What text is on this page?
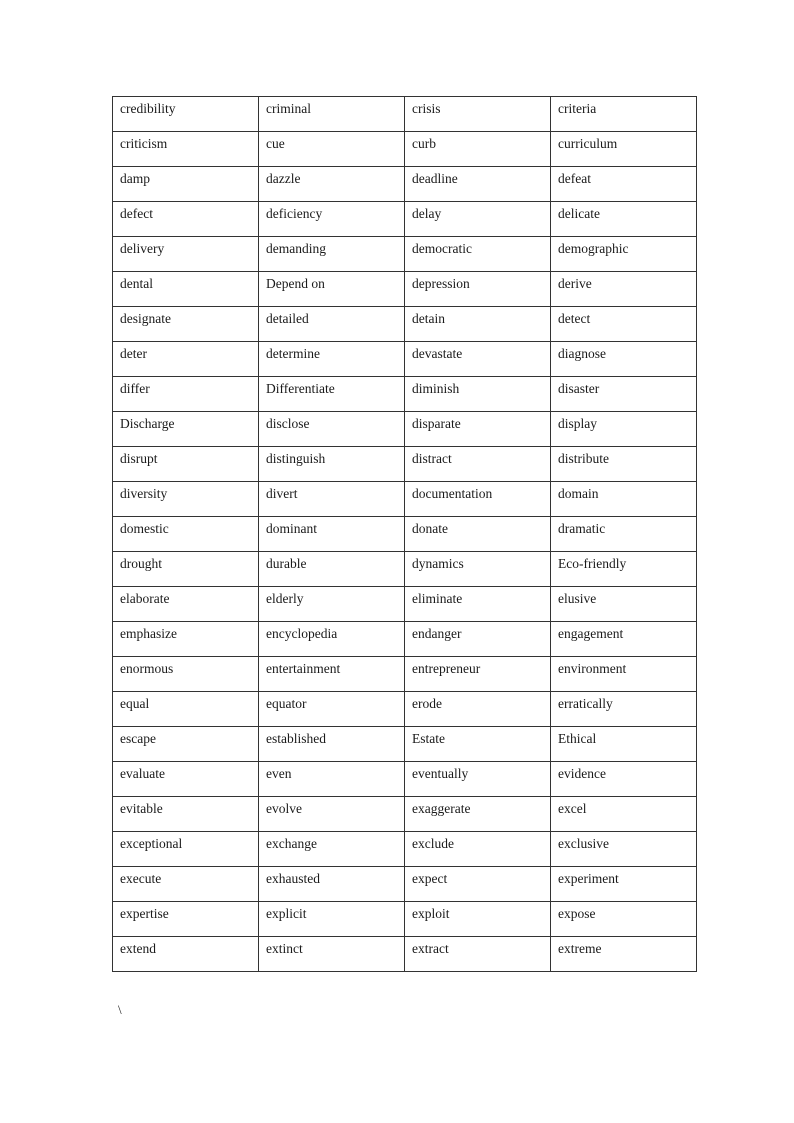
credibility	criminal	crisis	criteria
criticism	cue	curb	curriculum
damp	dazzle	deadline	defeat
defect	deficiency	delay	delicate
delivery	demanding	democratic	demographic
dental	Depend on	depression	derive
designate	detailed	detain	detect
deter	determine	devastate	diagnose
differ	Differentiate	diminish	disaster
Discharge	disclose	disparate	display
disrupt	distinguish	distract	distribute
diversity	divert	documentation	domain
domestic	dominant	donate	dramatic
drought	durable	dynamics	Eco-friendly
elaborate	elderly	eliminate	elusive
emphasize	encyclopedia	endanger	engagement
enormous	entertainment	entrepreneur	environment
equal	equator	erode	erratically
escape	established	Estate	Ethical
evaluate	even	eventually	evidence
evitable	evolve	exaggerate	excel
exceptional	exchange	exclude	exclusive
execute	exhausted	expect	experiment
expertise	explicit	exploit	expose
extend	extinct	extract	extreme
\
